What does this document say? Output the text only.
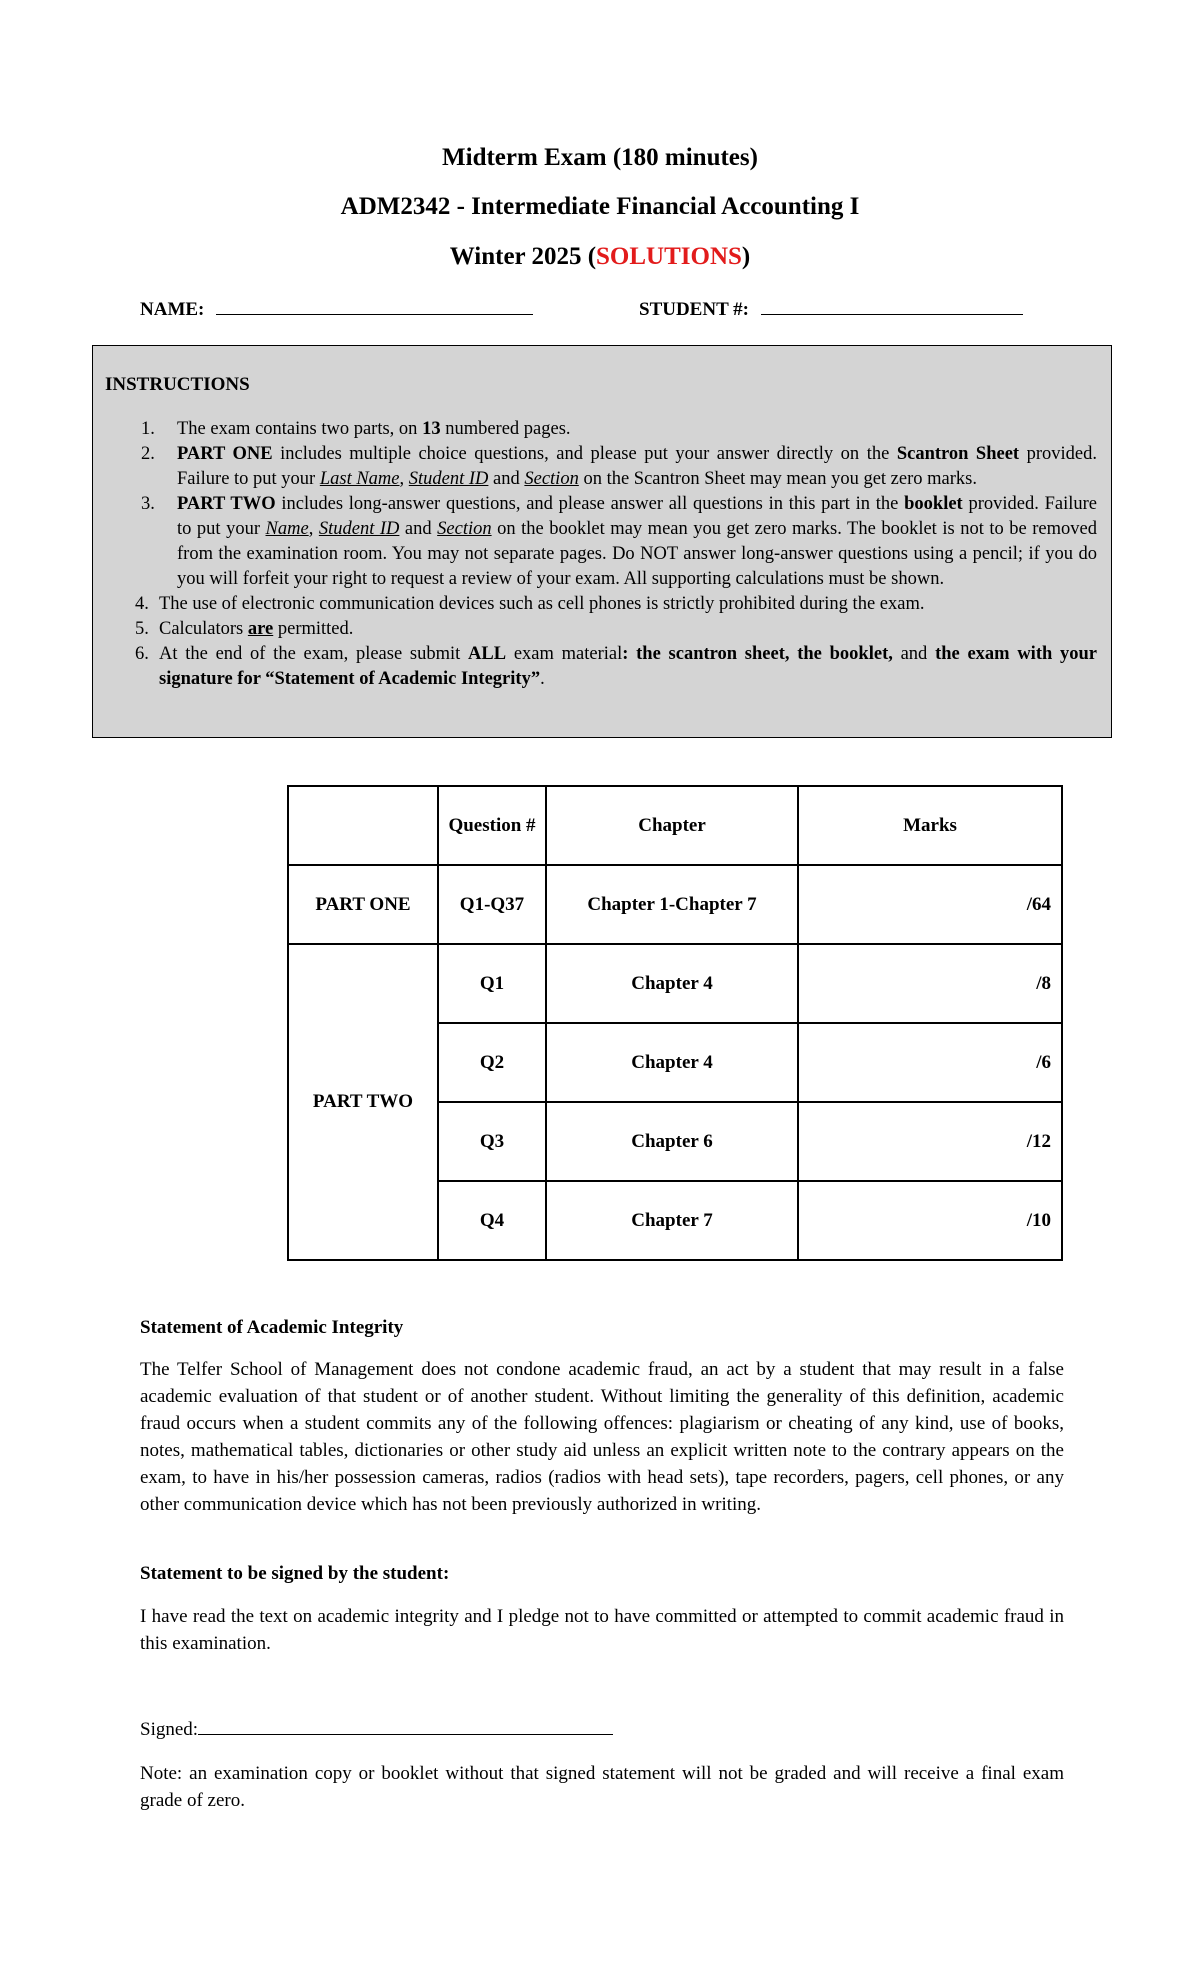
Midterm Exam (180 minutes)
ADM2342 - Intermediate Financial Accounting I
Winter 2025 (SOLUTIONS)
NAME:	STUDENT #:
INSTRUCTIONS
1. The exam contains two parts, on 13 numbered pages.
2. PART ONE includes multiple choice questions, and please put your answer directly on the Scantron Sheet provided. Failure to put your Last Name, Student ID and Section on the Scantron Sheet may mean you get zero marks.
3. PART TWO includes long-answer questions, and please answer all questions in this part in the booklet provided. Failure to put your Name, Student ID and Section on the booklet may mean you get zero marks. The booklet is not to be removed from the examination room. You may not separate pages. Do NOT answer long-answer questions using a pencil; if you do you will forfeit your right to request a review of your exam. All supporting calculations must be shown.
4. The use of electronic communication devices such as cell phones is strictly prohibited during the exam.
5. Calculators are permitted.
6. At the end of the exam, please submit ALL exam material: the scantron sheet, the booklet, and the exam with your signature for “Statement of Academic Integrity”.
	Question #	Chapter	Marks
PART ONE	Q1-Q37	Chapter 1-Chapter 7	/64
PART TWO	Q1	Chapter 4	/8
	Q2	Chapter 4	/6
	Q3	Chapter 6	/12
	Q4	Chapter 7	/10
Statement of Academic Integrity
The Telfer School of Management does not condone academic fraud, an act by a student that may result in a false academic evaluation of that student or of another student. Without limiting the generality of this definition, academic fraud occurs when a student commits any of the following offences: plagiarism or cheating of any kind, use of books, notes, mathematical tables, dictionaries or other study aid unless an explicit written note to the contrary appears on the exam, to have in his/her possession cameras, radios (radios with head sets), tape recorders, pagers, cell phones, or any other communication device which has not been previously authorized in writing.
Statement to be signed by the student:
I have read the text on academic integrity and I pledge not to have committed or attempted to commit academic fraud in this examination.
Signed:
Note: an examination copy or booklet without that signed statement will not be graded and will receive a final exam grade of zero.
